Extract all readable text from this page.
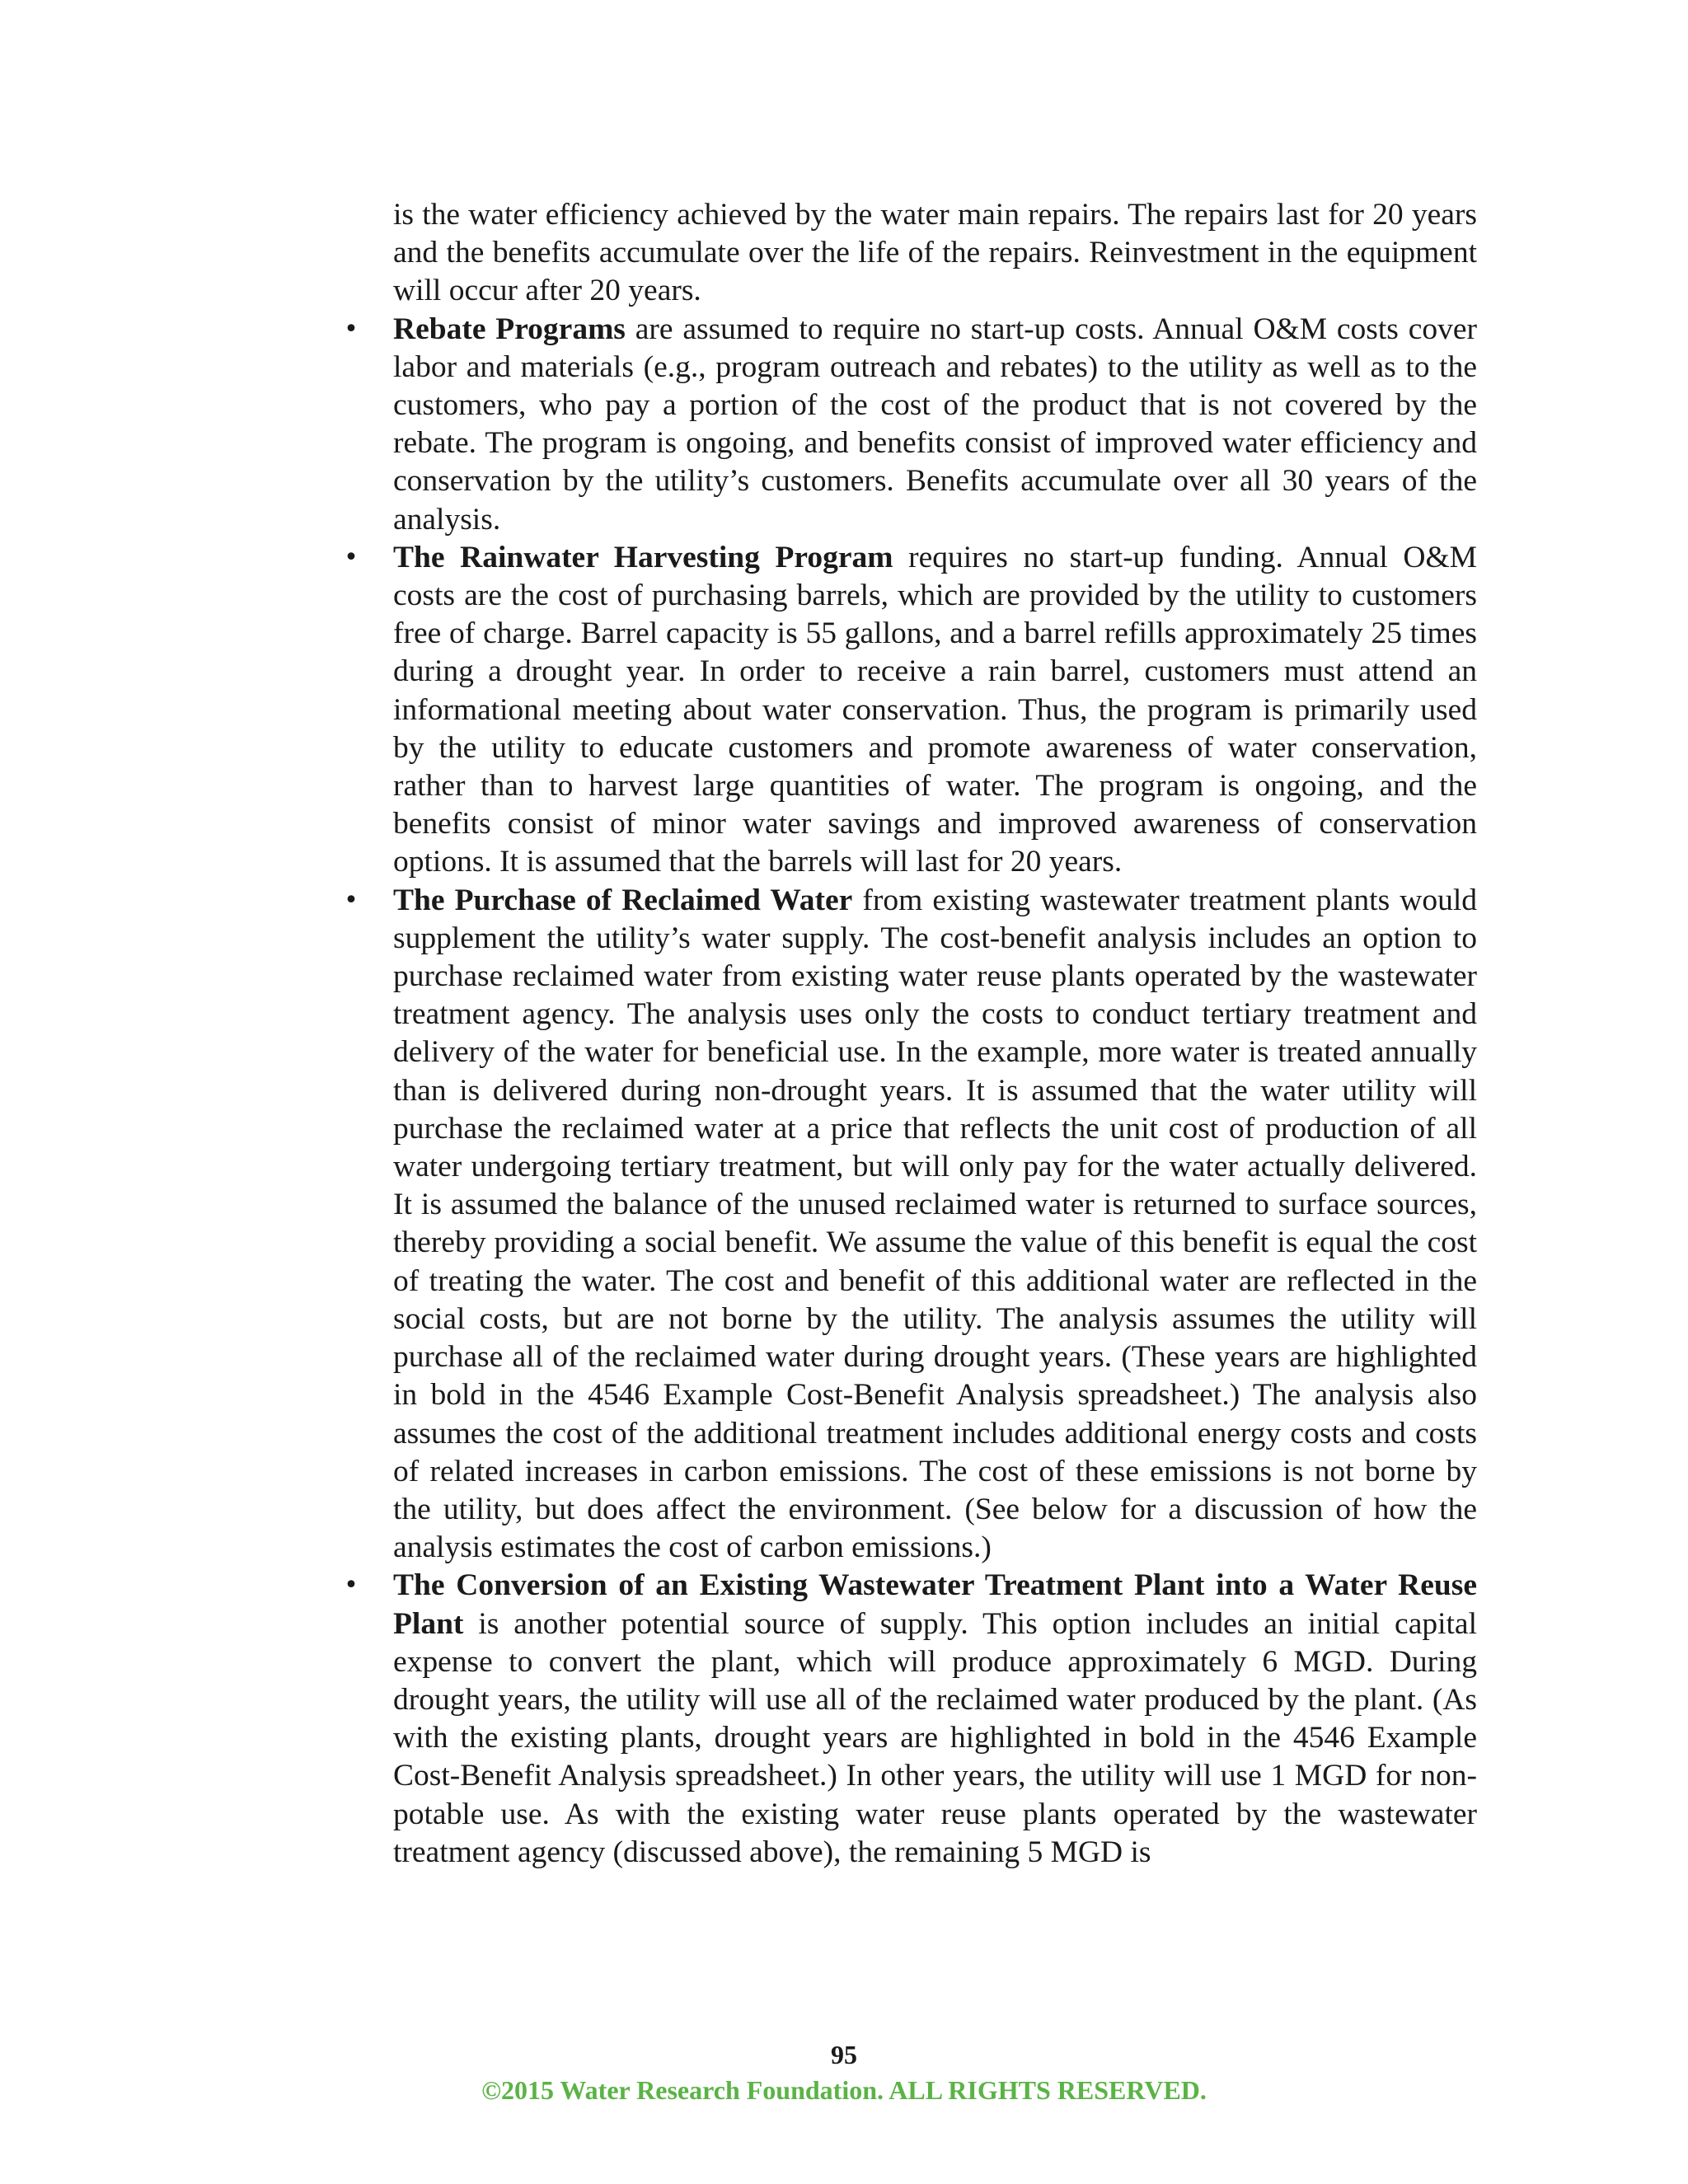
is the water efficiency achieved by the water main repairs. The repairs last for 20 years and the benefits accumulate over the life of the repairs. Reinvestment in the equipment will occur after 20 years.

• Rebate Programs are assumed to require no start-up costs. Annual O&M costs cover labor and materials (e.g., program outreach and rebates) to the utility as well as to the customers, who pay a portion of the cost of the product that is not covered by the rebate. The program is ongoing, and benefits consist of improved water efficiency and conservation by the utility’s customers. Benefits accumulate over all 30 years of the analysis.
• The Rainwater Harvesting Program requires no start-up funding. Annual O&M costs are the cost of purchasing barrels, which are provided by the utility to customers free of charge. Barrel capacity is 55 gallons, and a barrel refills approximately 25 times during a drought year. In order to receive a rain barrel, customers must attend an informational meeting about water conservation. Thus, the program is primarily used by the utility to educate customers and promote awareness of water conservation, rather than to harvest large quantities of water. The program is ongoing, and the benefits consist of minor water savings and improved awareness of conservation options. It is assumed that the barrels will last for 20 years.
• The Purchase of Reclaimed Water from existing wastewater treatment plants would supplement the utility’s water supply. The cost-benefit analysis includes an option to purchase reclaimed water from existing water reuse plants operated by the wastewater treatment agency. The analysis uses only the costs to conduct tertiary treatment and delivery of the water for beneficial use. In the example, more water is treated annually than is delivered during non-drought years. It is assumed that the water utility will purchase the reclaimed water at a price that reflects the unit cost of production of all water undergoing tertiary treatment, but will only pay for the water actually delivered. It is assumed the balance of the unused reclaimed water is returned to surface sources, thereby providing a social benefit. We assume the value of this benefit is equal the cost of treating the water. The cost and benefit of this additional water are reflected in the social costs, but are not borne by the utility. The analysis assumes the utility will purchase all of the reclaimed water during drought years. (These years are highlighted in bold in the 4546 Example Cost-Benefit Analysis spreadsheet.) The analysis also assumes the cost of the additional treatment includes additional energy costs and costs of related increases in carbon emissions. The cost of these emissions is not borne by the utility, but does affect the environment. (See below for a discussion of how the analysis estimates the cost of carbon emissions.)
• The Conversion of an Existing Wastewater Treatment Plant into a Water Reuse Plant is another potential source of supply. This option includes an initial capital expense to convert the plant, which will produce approximately 6 MGD. During drought years, the utility will use all of the reclaimed water produced by the plant. (As with the existing plants, drought years are highlighted in bold in the 4546 Example Cost-Benefit Analysis spreadsheet.) In other years, the utility will use 1 MGD for non-potable use. As with the existing water reuse plants operated by the wastewater treatment agency (discussed above), the remaining 5 MGD is
95
©2015 Water Research Foundation. ALL RIGHTS RESERVED.
